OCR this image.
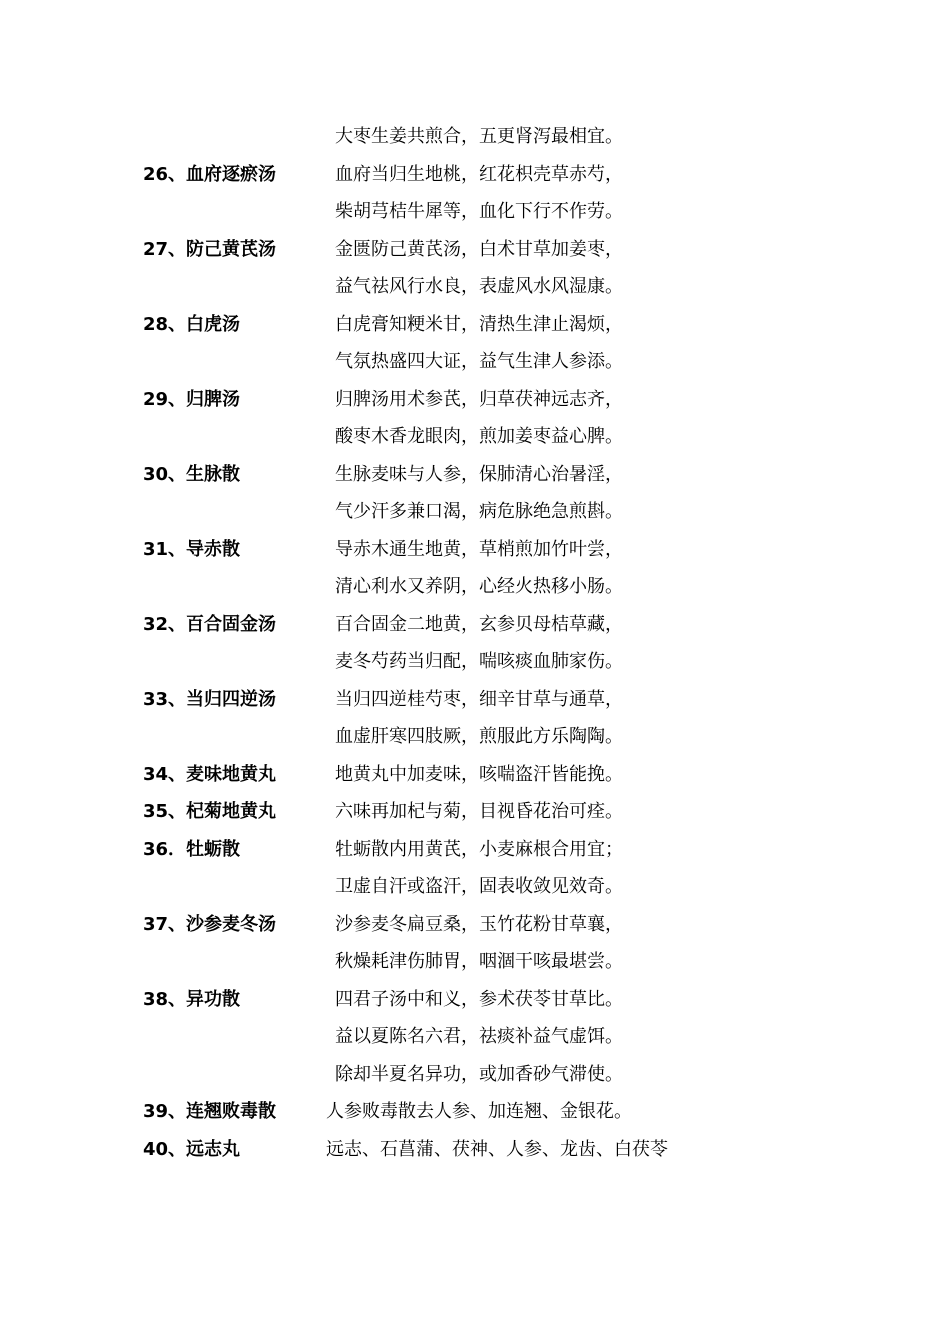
大枣生姜共煎合，五更肾泻最相宜。
26、血府逐瘀汤	血府当归生地桃，红花枳壳草赤芍，
柴胡芎桔牛犀等，血化下行不作劳。
27、防己黄芪汤	金匮防己黄芪汤，白术甘草加姜枣，
益气祛风行水良，表虚风水风湿康。
28、白虎汤	白虎膏知粳米甘，清热生津止渴烦，
气氛热盛四大证，益气生津人参添。
29、归脾汤	归脾汤用术参芪，归草茯神远志齐，
酸枣木香龙眼肉，煎加姜枣益心脾。
30、生脉散	生脉麦味与人参，保肺清心治暑淫，
气少汗多兼口渴，病危脉绝急煎斟。
31、导赤散	导赤木通生地黄，草梢煎加竹叶尝，
清心利水又养阴，心经火热移小肠。
32、百合固金汤	百合固金二地黄，玄参贝母桔草藏，
麦冬芍药当归配，喘咳痰血肺家伤。
33、当归四逆汤	当归四逆桂芍枣，细辛甘草与通草，
血虚肝寒四肢厥，煎服此方乐陶陶。
34、麦味地黄丸	地黄丸中加麦味，咳喘盗汗皆能挽。
35、杞菊地黄丸	六味再加杞与菊，目视昏花治可痊。
36．牡蛎散	牡蛎散内用黄芪，小麦麻根合用宜；
卫虚自汗或盗汗，固表收敛见效奇。
37、沙参麦冬汤	沙参麦冬扁豆桑，玉竹花粉甘草襄，
秋燥耗津伤肺胃，咽涸干咳最堪尝。
38、异功散	四君子汤中和义，参术茯苓甘草比。
益以夏陈名六君，祛痰补益气虚饵。
除却半夏名异功，或加香砂气滞使。
39、连翘败毒散	人参败毒散去人参、加连翘、金银花。
40、远志丸	远志、石菖蒲、茯神、人参、龙齿、白茯苓
